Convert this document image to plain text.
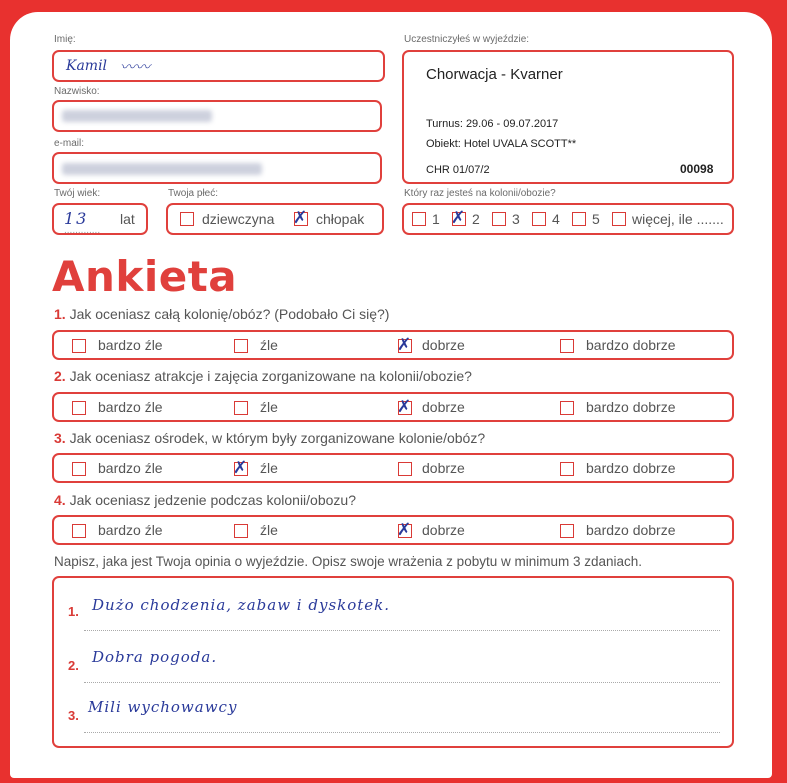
Imię:
Kamil 〰〰
Nazwisko:
e-mail:
Twój wiek:
13
.............
lat
Twoja płeć:
dziewczyna ✗ chłopak
Uczestniczyłeś w wyjeździe:
Chorwacja - Kvarner
Turnus: 29.06 - 09.07.2017
Obiekt: Hotel UVALA SCOTT**
CHR 01/07/2	00098
Który raz jesteś na kolonii/obozie?
1 ✗ 2 3 4 5 więcej, ile .......
Ankieta
1. Jak oceniasz całą kolonię/obóz? (Podobało Ci się?)
bardzo źle	źle	✗ dobrze	bardzo dobrze
2. Jak oceniasz atrakcje i zajęcia zorganizowane na kolonii/obozie?
bardzo źle	źle	✗ dobrze	bardzo dobrze
3. Jak oceniasz ośrodek, w którym były zorganizowane kolonie/obóz?
bardzo źle	✗ źle	dobrze	bardzo dobrze
4. Jak oceniasz jedzenie podczas kolonii/obozu?
bardzo źle	źle	✗ dobrze	bardzo dobrze
Napisz, jaka jest Twoja opinia o wyjeździe. Opisz swoje wrażenia z pobytu w minimum 3 zdaniach.
1. Dużo chodzenia, zabaw i dyskotek.
2. Dobra pogoda.
3. Mili wychowawcy
